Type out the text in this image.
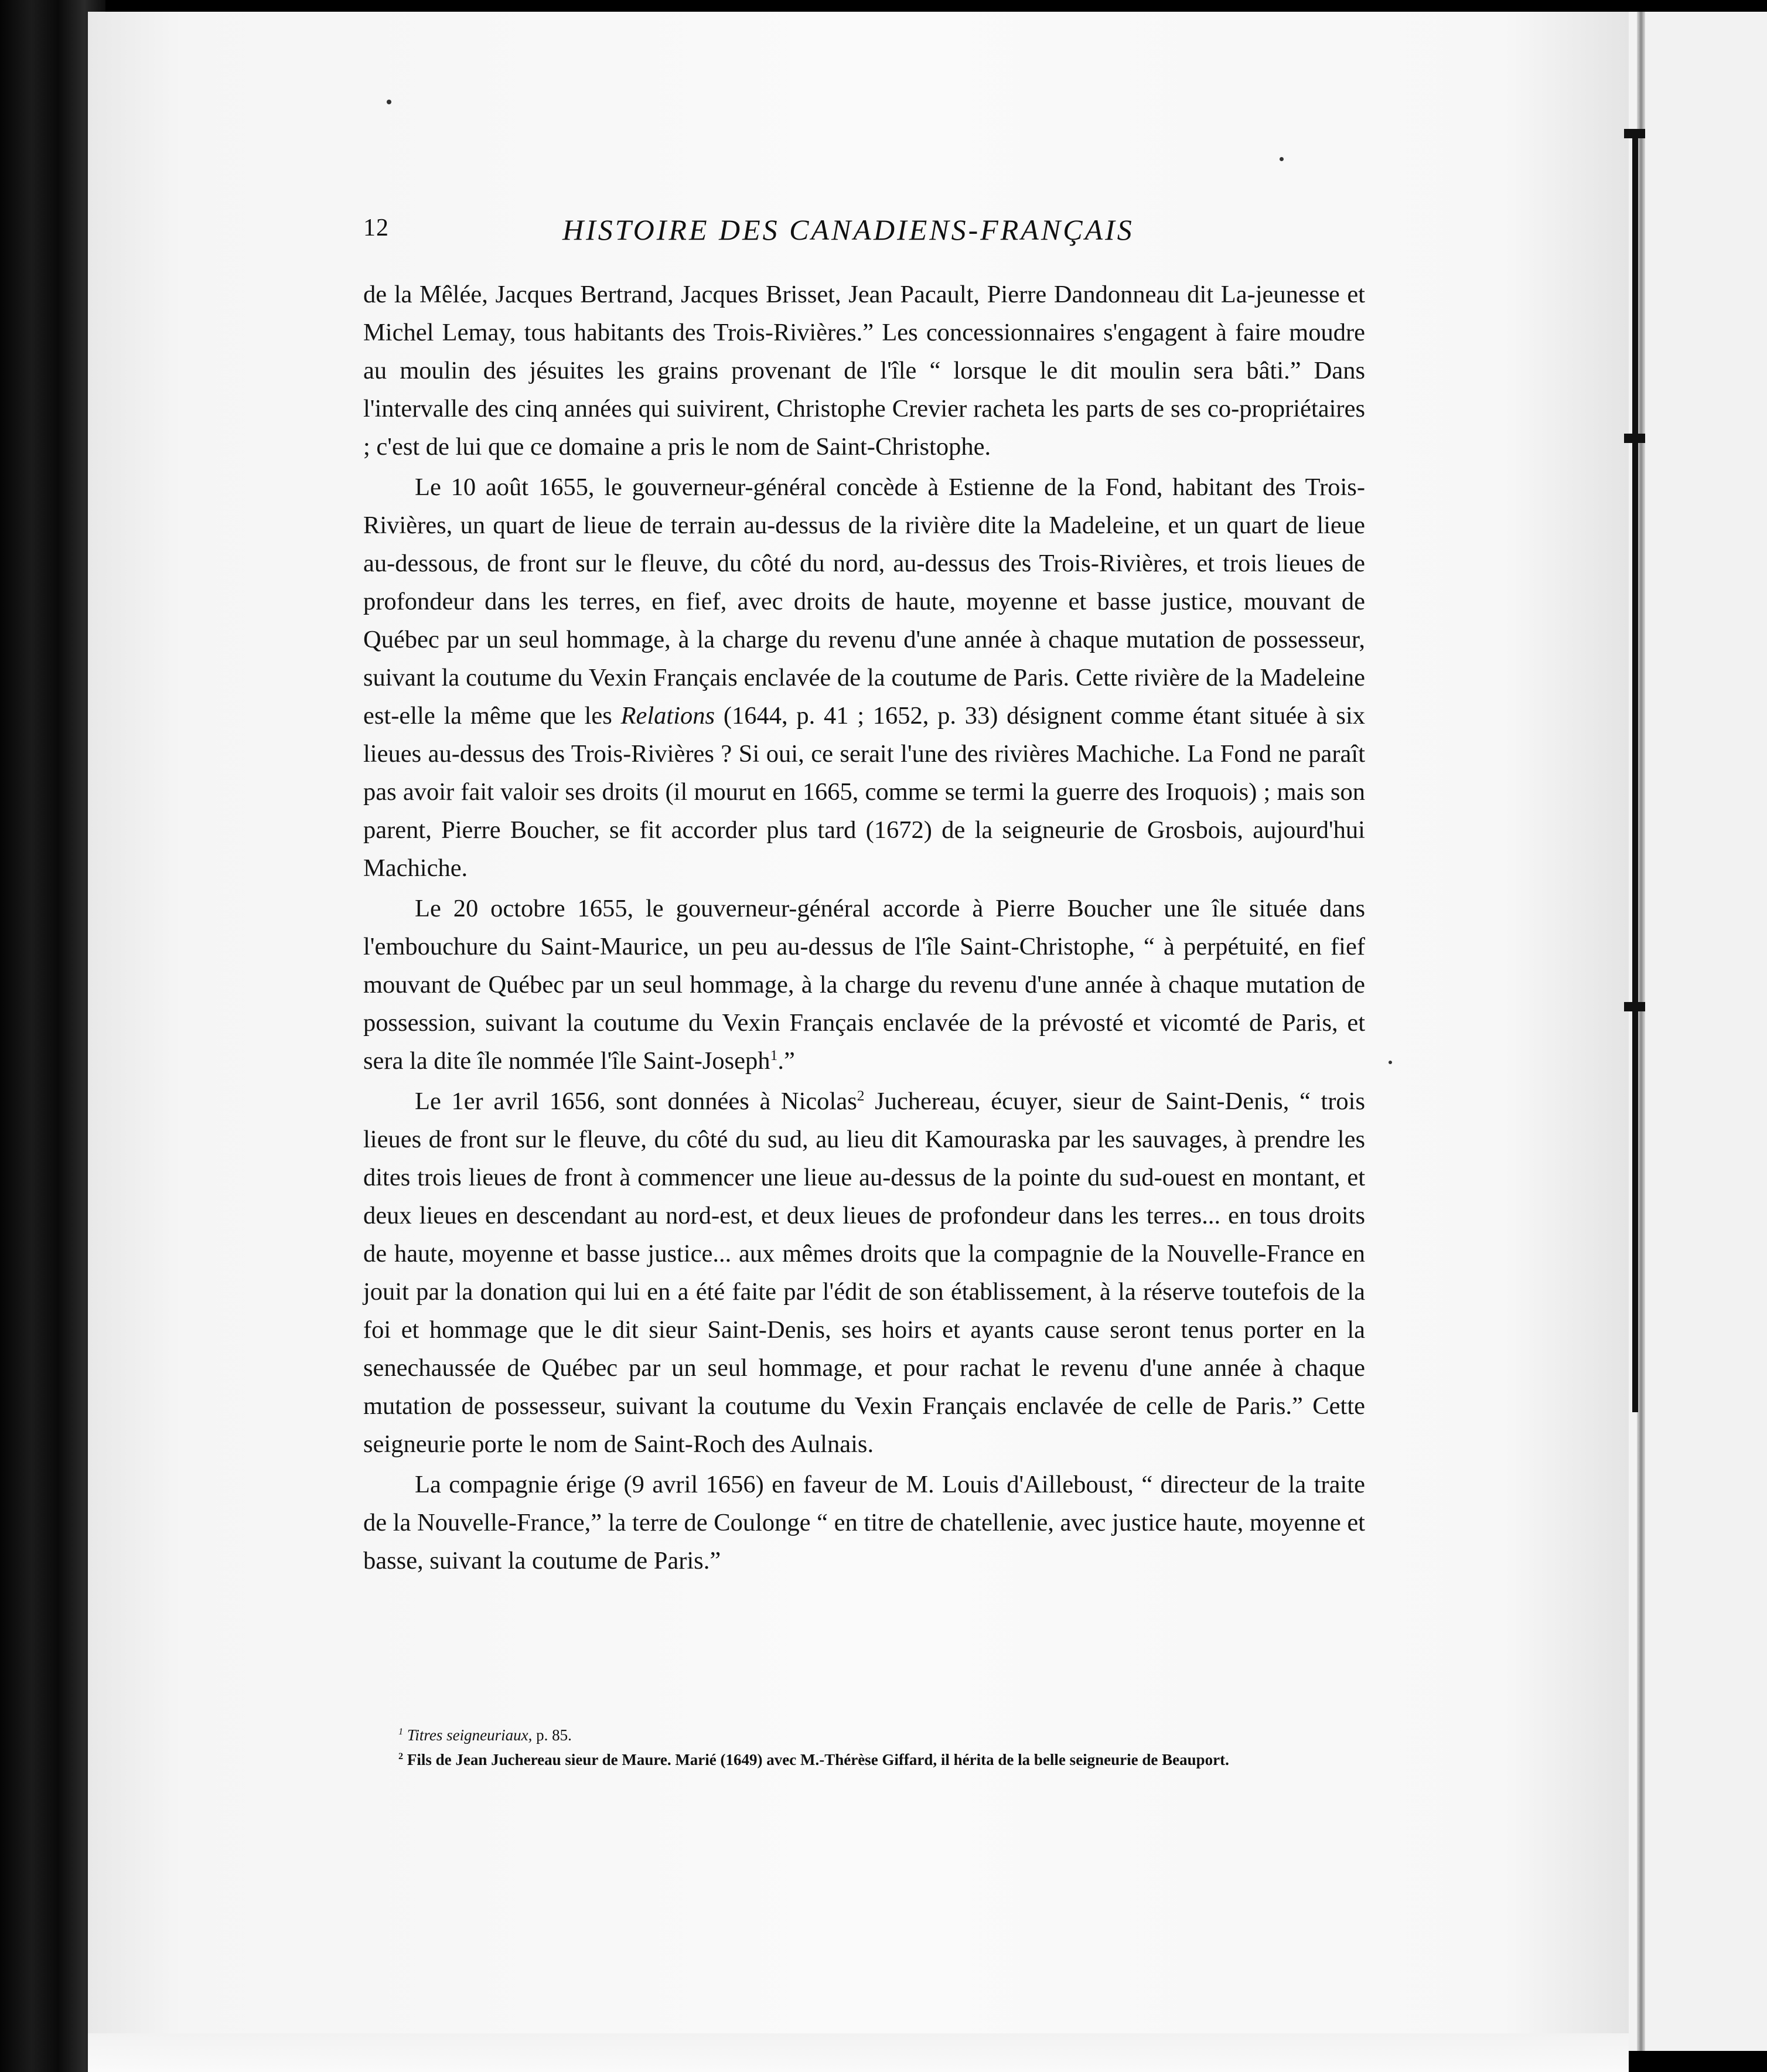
12	HISTOIRE DES CANADIENS-FRANÇAIS

de la Mêlée, Jacques Bertrand, Jacques Brisset, Jean Pacault, Pierre Dandonneau dit La-jeunesse et Michel Lemay, tous habitants des Trois-Rivières.” Les concessionnaires s'engagent à faire moudre au moulin des jésuites les grains provenant de l'île “ lorsque le dit moulin sera bâti.” Dans l'intervalle des cinq années qui suivirent, Christophe Crevier racheta les parts de ses co-propriétaires ; c'est de lui que ce domaine a pris le nom de Saint-Christophe.

Le 10 août 1655, le gouverneur-général concède à Estienne de la Fond, habitant des Trois-Rivières, un quart de lieue de terrain au-dessus de la rivière dite la Madeleine, et un quart de lieue au-dessous, de front sur le fleuve, du côté du nord, au-dessus des Trois-Rivières, et trois lieues de profondeur dans les terres, en fief, avec droits de haute, moyenne et basse justice, mouvant de Québec par un seul hommage, à la charge du revenu d'une année à chaque mutation de possesseur, suivant la coutume du Vexin Français enclavée de la coutume de Paris. Cette rivière de la Madeleine est-elle la même que les Relations (1644, p. 41 ; 1652, p. 33) désignent comme étant située à six lieues au-dessus des Trois-Rivières ? Si oui, ce serait l'une des rivières Machiche. La Fond ne paraît pas avoir fait valoir ses droits (il mourut en 1665, comme se termi la guerre des Iroquois) ; mais son parent, Pierre Boucher, se fit accorder plus tard (1672) de la seigneurie de Grosbois, aujourd'hui Machiche.

Le 20 octobre 1655, le gouverneur-général accorde à Pierre Boucher une île située dans l'embouchure du Saint-Maurice, un peu au-dessus de l'île Saint-Christophe, “ à perpétuité, en fief mouvant de Québec par un seul hommage, à la charge du revenu d'une année à chaque mutation de possession, suivant la coutume du Vexin Français enclavée de la prévosté et vicomté de Paris, et sera la dite île nommée l'île Saint-Joseph$^1$.”

Le 1er avril 1656, sont données à Nicolas$^2$ Juchereau, écuyer, sieur de Saint-Denis, “ trois lieues de front sur le fleuve, du côté du sud, au lieu dit Kamouraska par les sauvages, à prendre les dites trois lieues de front à commencer une lieue au-dessus de la pointe du sud-ouest en montant, et deux lieues en descendant au nord-est, et deux lieues de profondeur dans les terres... en tous droits de haute, moyenne et basse justice... aux mêmes droits que la compagnie de la Nouvelle-France en jouit par la donation qui lui en a été faite par l'édit de son établissement, à la réserve toutefois de la foi et hommage que le dit sieur Saint-Denis, ses hoirs et ayants cause seront tenus porter en la senechaussée de Québec par un seul hommage, et pour rachat le revenu d'une année à chaque mutation de possesseur, suivant la coutume du Vexin Français enclavée de celle de Paris.” Cette seigneurie porte le nom de Saint-Roch des Aulnais.

La compagnie érige (9 avril 1656) en faveur de M. Louis d'Ailleboust, “ directeur de la traite de la Nouvelle-France,” la terre de Coulonge “ en titre de chatellenie, avec justice haute, moyenne et basse, suivant la coutume de Paris.”

$^1$ Titres seigneuriaux, p. 85.
$^2$ Fils de Jean Juchereau sieur de Maure. Marié (1649) avec M.-Thérèse Giffard, il hérita de la belle seigneurie de Beauport.
